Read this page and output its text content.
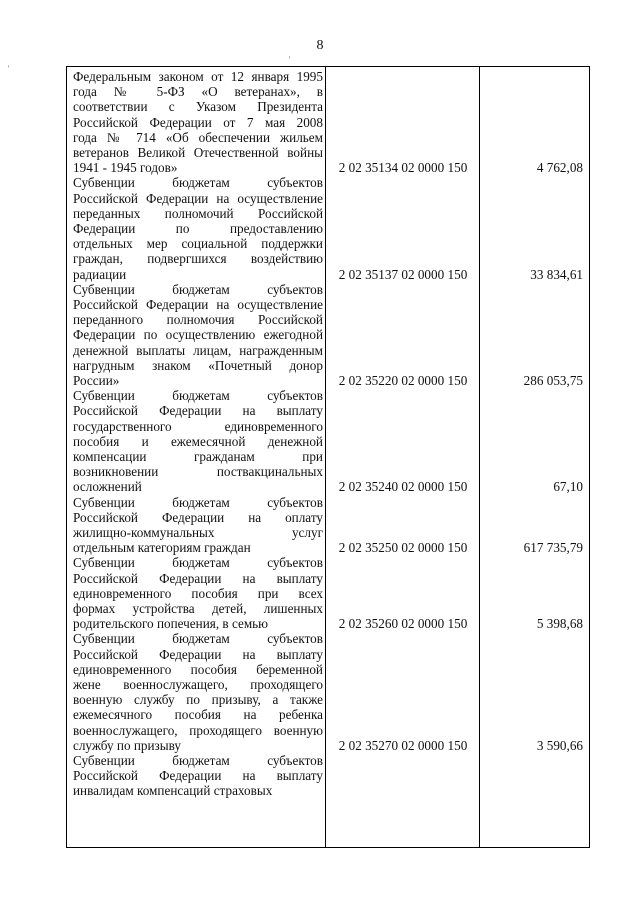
8
'
'
Федеральным законом от 12 января 1995
года № 5-ФЗ «О ветеранах», в
соответствии с Указом Президента
Российской Федерации от 7 мая 2008
года № 714 «Об обеспечении жильем
ветеранов Великой Отечественной войны
1941 - 1945 годов»	2 02 35134 02 0000 150	4 762,08
Субвенции бюджетам субъектов
Российской Федерации на осуществление
переданных полномочий Российской
Федерации по предоставлению
отдельных мер социальной поддержки
граждан, подвергшихся воздействию
радиации	2 02 35137 02 0000 150	33 834,61
Субвенции бюджетам субъектов
Российской Федерации на осуществление
переданного полномочия Российской
Федерации по осуществлению ежегодной
денежной выплаты лицам, награжденным
нагрудным знаком «Почетный донор
России»	2 02 35220 02 0000 150	286 053,75
Субвенции бюджетам субъектов
Российской Федерации на выплату
государственного единовременного
пособия и ежемесячной денежной
компенсации гражданам при
возникновении поствакцинальных
осложнений	2 02 35240 02 0000 150	67,10
Субвенции бюджетам субъектов
Российской Федерации на оплату
жилищно-коммунальных услуг
отдельным категориям граждан	2 02 35250 02 0000 150	617 735,79
Субвенции бюджетам субъектов
Российской Федерации на выплату
единовременного пособия при всех
формах устройства детей, лишенных
родительского попечения, в семью	2 02 35260 02 0000 150	5 398,68
Субвенции бюджетам субъектов
Российской Федерации на выплату
единовременного пособия беременной
жене военнослужащего, проходящего
военную службу по призыву, а также
ежемесячного пособия на ребенка
военнослужащего, проходящего военную
службу по призыву	2 02 35270 02 0000 150	3 590,66
Субвенции бюджетам субъектов
Российской Федерации на выплату
инвалидам компенсаций страховых
